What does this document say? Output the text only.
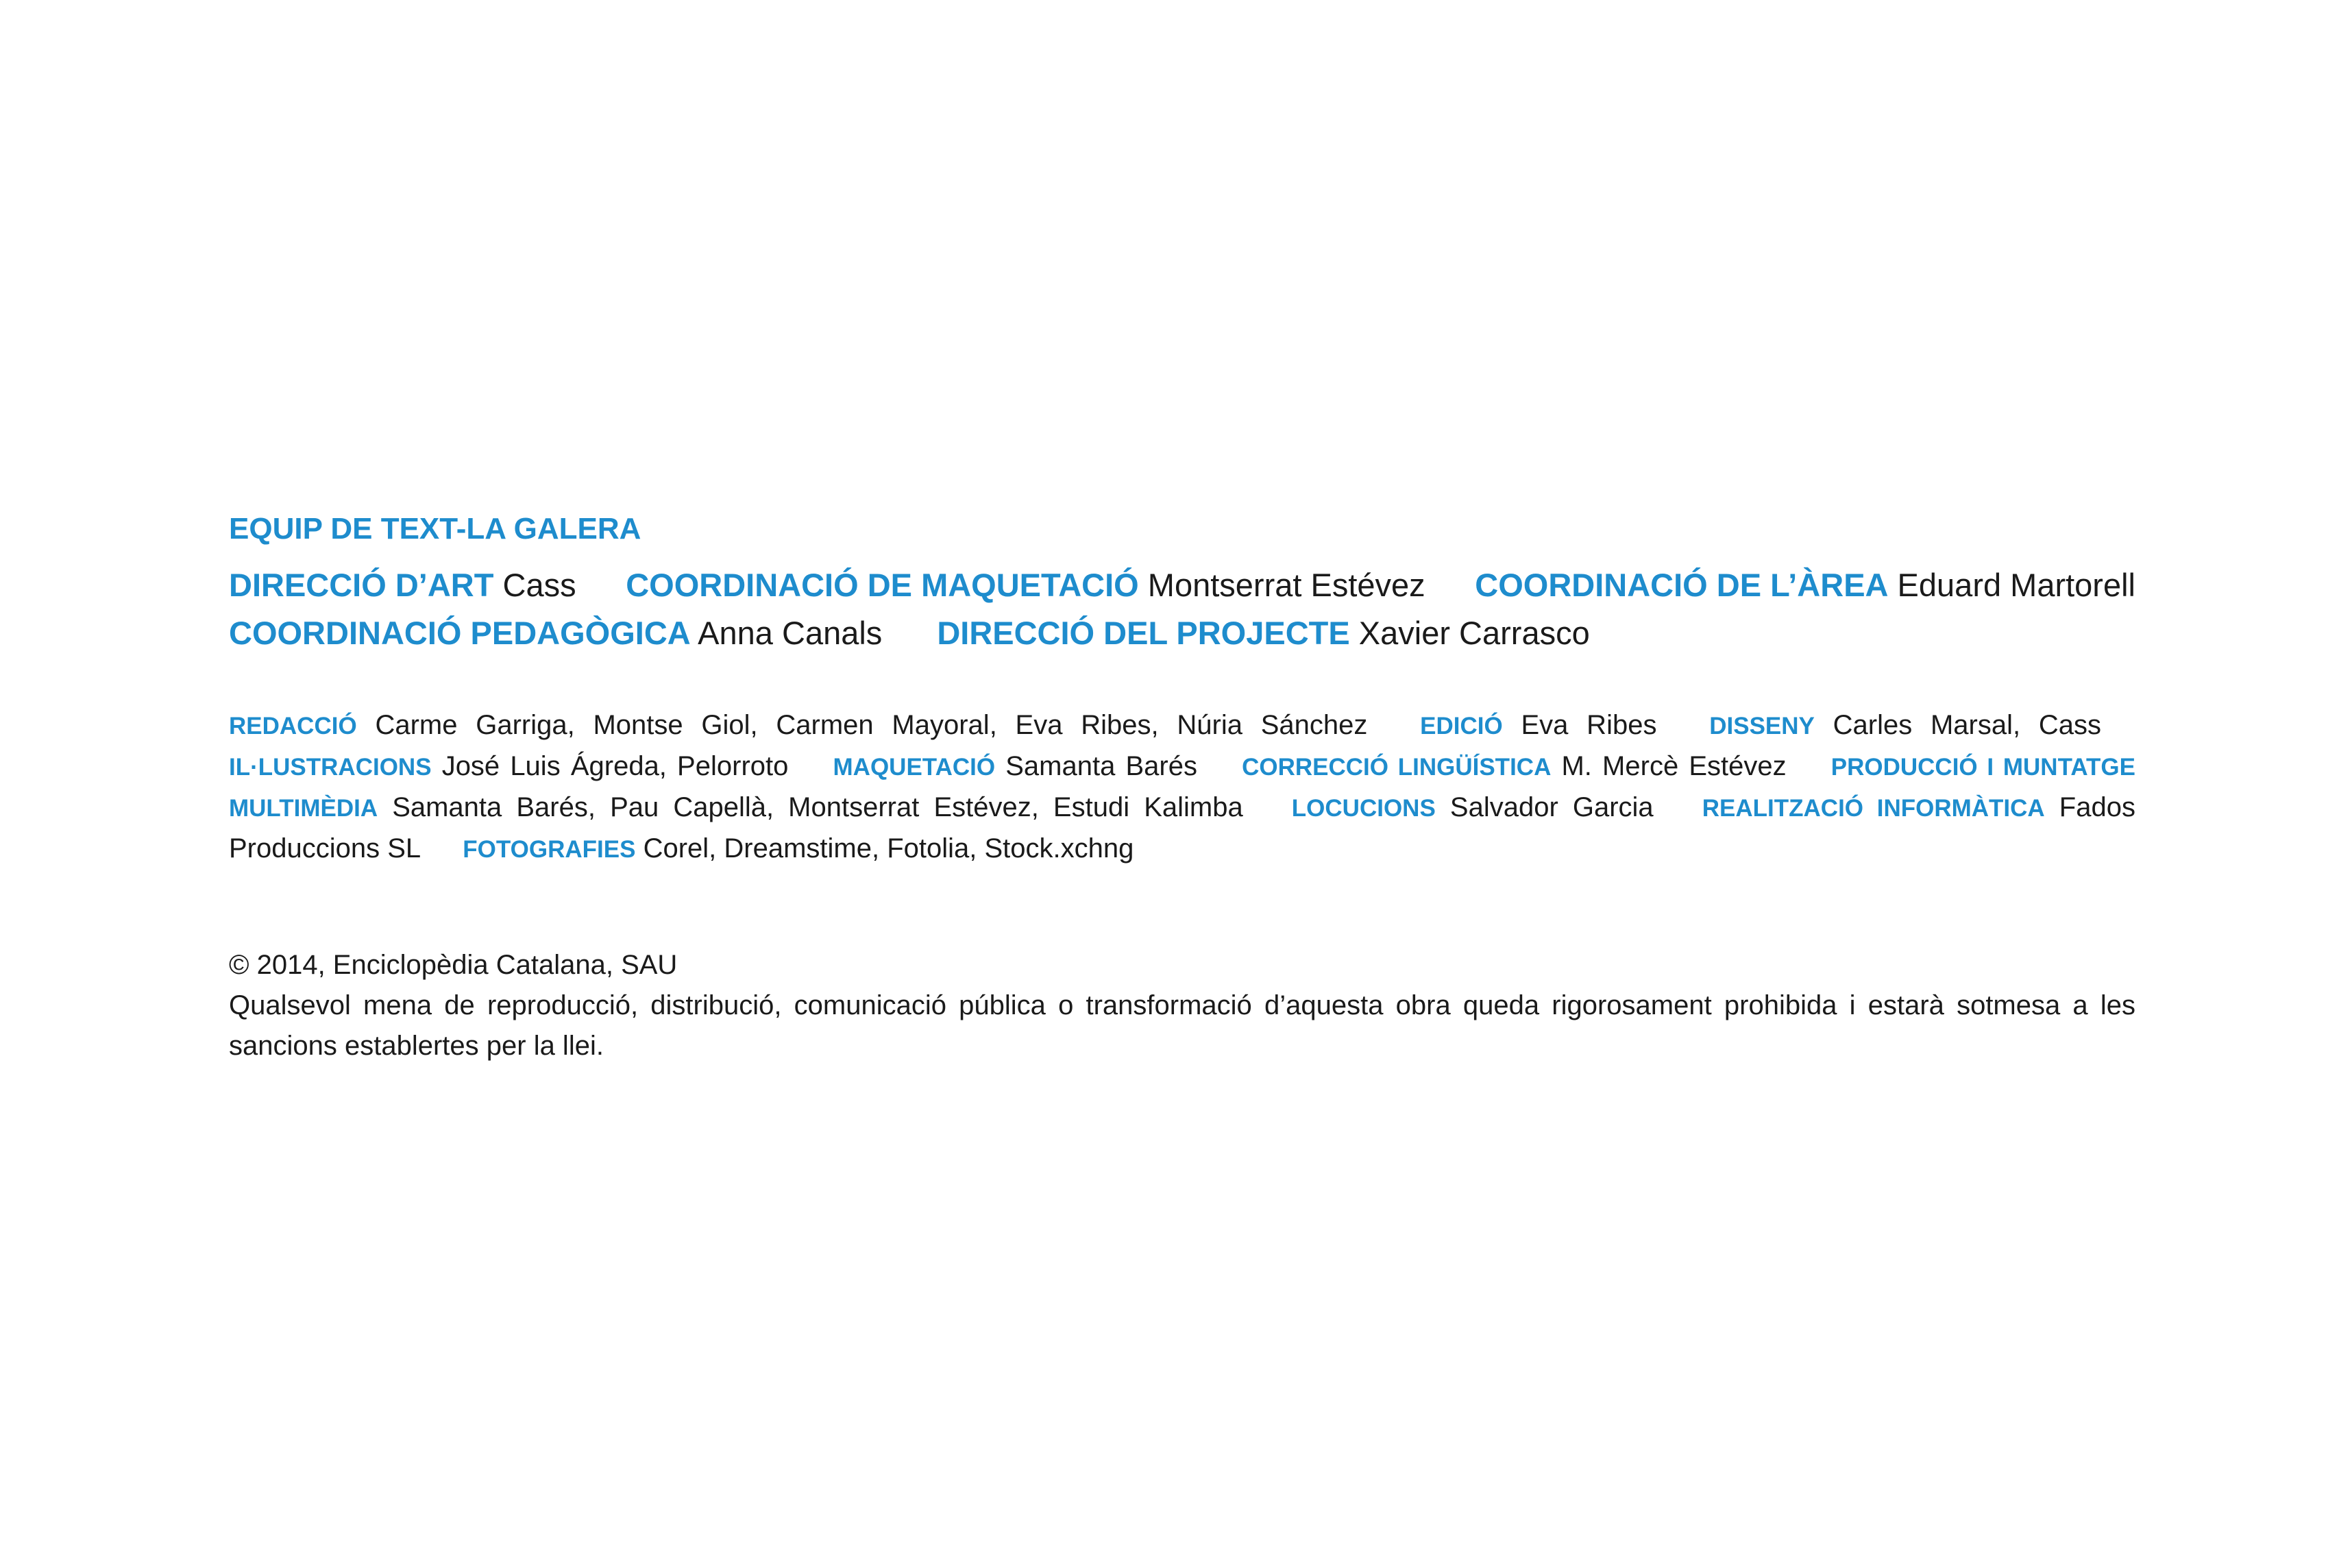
EQUIP DE TEXT-LA GALERA
DIRECCIÓ D’ART Cass COORDINACIÓ DE MAQUETACIÓ Montserrat Estévez COORDINACIÓ DE L’ÀREA Eduard Martorell
COORDINACIÓ PEDAGÒGICA Anna Canals DIRECCIÓ DEL PROJECTE Xavier Carrasco

REDACCIÓ Carme Garriga, Montse Giol, Carmen Mayoral, Eva Ribes, Núria Sánchez EDICIÓ Eva Ribes DISSENY Carles Marsal, Cass IL·LUSTRACIONS José Luis Ágreda, Pelorroto MAQUETACIÓ Samanta Barés CORRECCIÓ LINGÜÍSTICA M. Mercè Estévez PRODUCCIÓ I MUNTATGE MULTIMÈDIA Samanta Barés, Pau Capellà, Montserrat Estévez, Estudi Kalimba LOCUCIONS Salvador Garcia REALITZACIÓ INFORMÀTICA Fados Produccions SL FOTOGRAFIES Corel, Dreamstime, Fotolia, Stock.xchng

© 2014, Enciclopèdia Catalana, SAU

Qualsevol mena de reproducció, distribució, comunicació pública o transformació d’aquesta obra queda rigorosament prohibida i estarà sotmesa a les sancions establertes per la llei.
